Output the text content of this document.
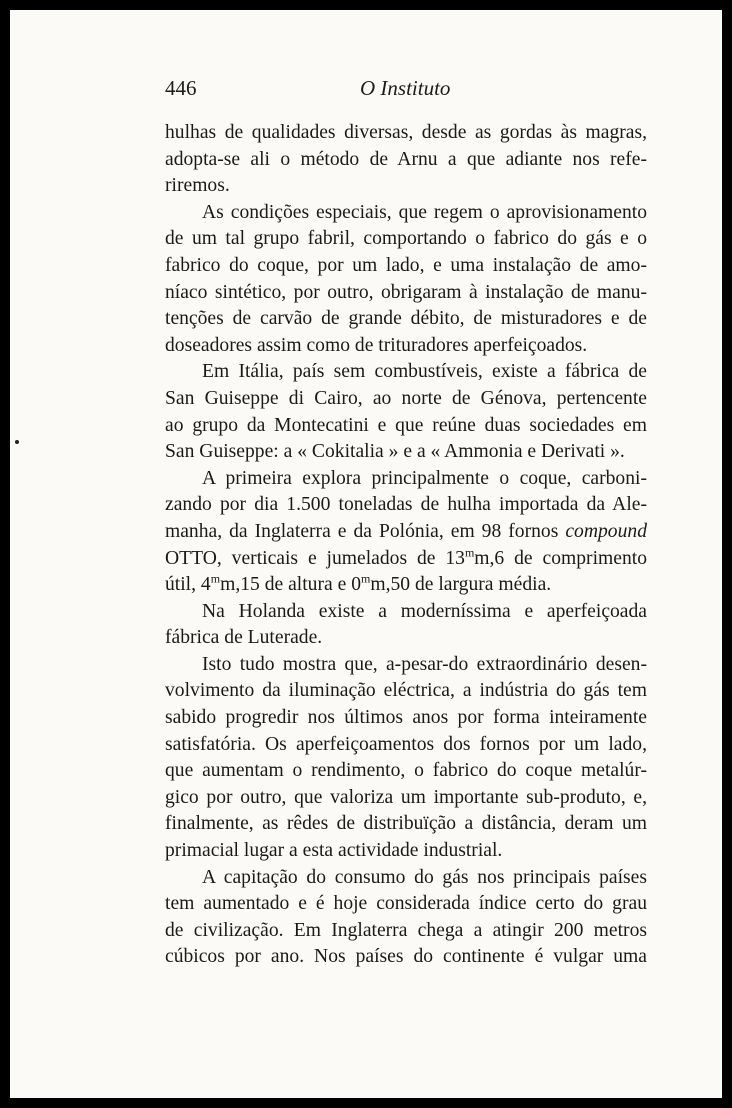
446	O Instituto
hulhas de qualidades diversas, desde as gordas às magras,
adopta-se ali o método de Arnu a que adiante nos refe-
riremos.
As condições especiais, que regem o aprovisionamento
de um tal grupo fabril, comportando o fabrico do gás e o
fabrico do coque, por um lado, e uma instalação de amo-
níaco sintético, por outro, obrigaram à instalação de manu-
tenções de carvão de grande débito, de misturadores e de
doseadores assim como de trituradores aperfeiçoados.
Em Itália, país sem combustíveis, existe a fábrica de
San Guiseppe di Cairo, ao norte de Génova, pertencente
ao grupo da Montecatini e que reúne duas sociedades em
San Guiseppe: a « Cokitalia » e a « Ammonia e Derivati ».
A primeira explora principalmente o coque, carboni-
zando por dia 1.500 toneladas de hulha importada da Ale-
manha, da Inglaterra e da Polónia, em 98 fornos compound
OTTO, verticais e jumelados de 13$^m$m,6 de comprimento
útil, 4$^m$m,15 de altura e 0$^m$m,50 de largura média.
Na Holanda existe a moderníssima e aperfeiçoada
fábrica de Luterade.
Isto tudo mostra que, a-pesar-do extraordinário desen-
volvimento da iluminação eléctrica, a indústria do gás tem
sabido progredir nos últimos anos por forma inteiramente
satisfatória. Os aperfeiçoamentos dos fornos por um lado,
que aumentam o rendimento, o fabrico do coque metalúr-
gico por outro, que valoriza um importante sub-produto, e,
finalmente, as rêdes de distribuïção a distância, deram um
primacial lugar a esta actividade industrial.
A capitação do consumo do gás nos principais países
tem aumentado e é hoje considerada índice certo do grau
de civilização. Em Inglaterra chega a atingir 200 metros
cúbicos por ano. Nos países do continente é vulgar uma
